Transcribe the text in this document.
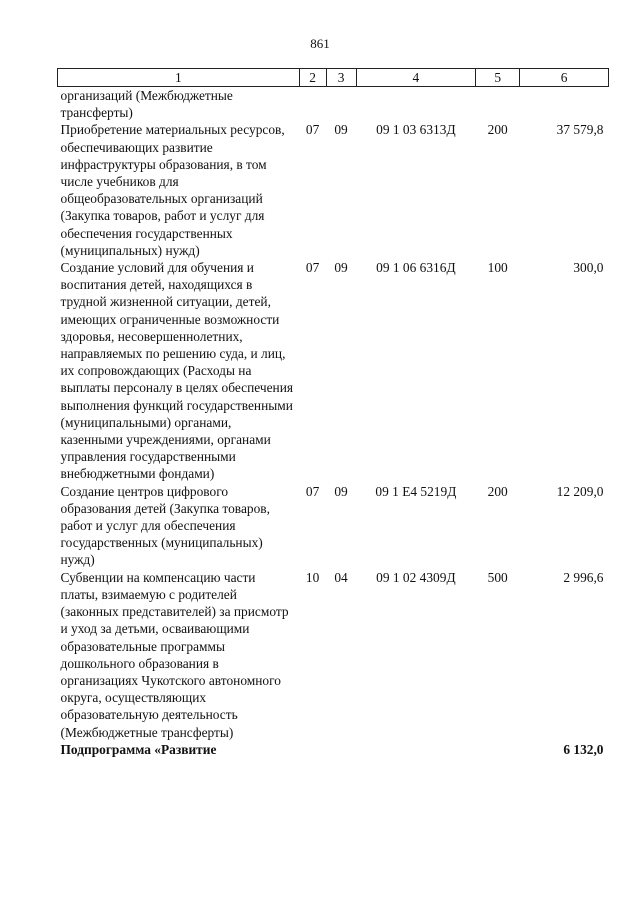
861
1	2	3	4	5	6
организаций (Межбюджетные трансферты)					
Приобретение материальных ресурсов, обеспечивающих развитие инфраструктуры образования, в том числе учебников для общеобразовательных организаций (Закупка товаров, работ и услуг для обеспечения государственных (муниципальных) нужд)	07	09	09 1 03 6313Д	200	37 579,8
Создание условий для обучения и воспитания детей, находящихся в трудной жизненной ситуации, детей, имеющих ограниченные возможности здоровья, несовершеннолетних, направляемых по решению суда, и лиц, их сопровождающих (Расходы на выплаты персоналу в целях обеспечения выполнения функций государственными (муниципальными) органами, казенными учреждениями, органами управления государственными внебюджетными фондами)	07	09	09 1 06 6316Д	100	300,0
Создание центров цифрового образования детей (Закупка товаров, работ и услуг для обеспечения государственных (муниципальных) нужд)	07	09	09 1 E4 5219Д	200	12 209,0
Субвенции на компенсацию части платы, взимаемую с родителей (законных представителей) за присмотр и уход за детьми, осваивающими образовательные программы дошкольного образования в организациях Чукотского автономного округа, осуществляющих образовательную деятельность (Межбюджетные трансферты)	10	04	09 1 02 4309Д	500	2 996,6
Подпрограмма «Развитие					6 132,0
